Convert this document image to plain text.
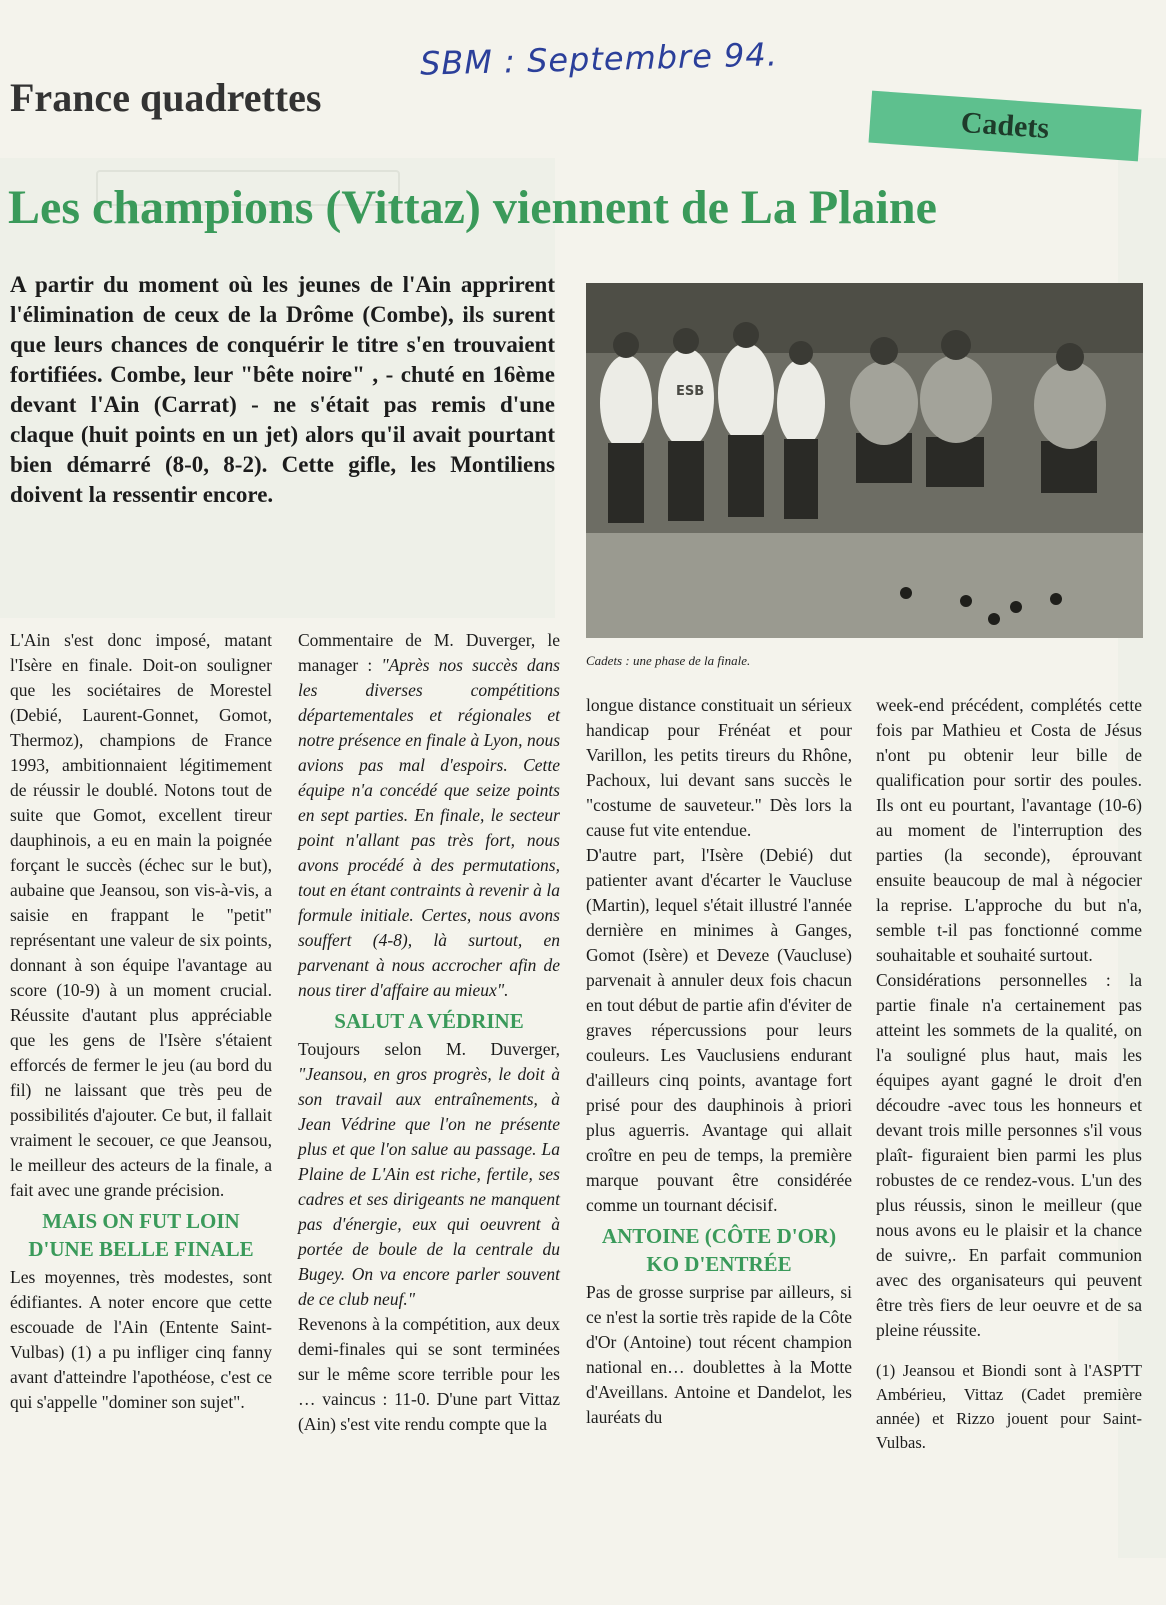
SBM : Septembre 94.
France quadrettes
Cadets
Les champions (Vittaz) viennent de La Plaine

A partir du moment où les jeunes de l'Ain apprirent l'élimination de ceux de la Drôme (Combe), ils surent que leurs chances de conquérir le titre s'en trouvaient fortifiées. Combe, leur "bête noire" , - chuté en 16ème devant l'Ain (Carrat) - ne s'était pas remis d'une claque (huit points en un jet) alors qu'il avait pourtant bien démarré (8-0, 8-2). Cette gifle, les Montiliens doivent la ressentir encore.

ESB
Cadets : une phase de la finale.

L'Ain s'est donc imposé, matant l'Isère en finale. Doit-on souligner que les sociétaires de Morestel (Debié, Laurent-Gonnet, Gomot, Thermoz), champions de France 1993, ambitionnaient légitimement de réussir le doublé. Notons tout de suite que Gomot, excellent tireur dauphinois, a eu en main la poignée forçant le succès (échec sur le but), aubaine que Jeansou, son vis-à-vis, a saisie en frappant le "petit" représentant une valeur de six points, donnant à son équipe l'avantage au score (10-9) à un moment crucial. Réussite d'autant plus appréciable que les gens de l'Isère s'étaient efforcés de fermer le jeu (au bord du fil) ne laissant que très peu de possibilités d'ajouter. Ce but, il fallait vraiment le secouer, ce que Jeansou, le meilleur des acteurs de la finale, a fait avec une grande précision.

MAIS ON FUT LOIN D'UNE BELLE FINALE

Les moyennes, très modestes, sont édifiantes. A noter encore que cette escouade de l'Ain (Entente Saint-Vulbas) (1) a pu infliger cinq fanny avant d'atteindre l'apothéose, c'est ce qui s'appelle "dominer son sujet".

Commentaire de M. Duverger, le manager : "Après nos succès dans les diverses compétitions départementales et régionales et notre présence en finale à Lyon, nous avions pas mal d'espoirs. Cette équipe n'a concédé que seize points en sept parties. En finale, le secteur point n'allant pas très fort, nous avons procédé à des permutations, tout en étant contraints à revenir à la formule initiale. Certes, nous avons souffert (4-8), là surtout, en parvenant à nous accrocher afin de nous tirer d'affaire au mieux".

SALUT A VÉDRINE

Toujours selon M. Duverger, "Jeansou, en gros progrès, le doit à son travail aux entraînements, à Jean Védrine que l'on ne présente plus et que l'on salue au passage. La Plaine de L'Ain est riche, fertile, ses cadres et ses dirigeants ne manquent pas d'énergie, eux qui oeuvrent à portée de boule de la centrale du Bugey. On va encore parler souvent de ce club neuf."

Revenons à la compétition, aux deux demi-finales qui se sont terminées sur le même score terrible pour les … vaincus : 11-0. D'une part Vittaz (Ain) s'est vite rendu compte que la

longue distance constituait un sérieux handicap pour Frénéat et pour Varillon, les petits tireurs du Rhône, Pachoux, lui devant sans succès le "costume de sauveteur." Dès lors la cause fut vite entendue.

D'autre part, l'Isère (Debié) dut patienter avant d'écarter le Vaucluse (Martin), lequel s'était illustré l'année dernière en minimes à Ganges, Gomot (Isère) et Deveze (Vaucluse) parvenait à annuler deux fois chacun en tout début de partie afin d'éviter de graves répercussions pour leurs couleurs. Les Vauclusiens endurant d'ailleurs cinq points, avantage fort prisé pour des dauphinois à priori plus aguerris. Avantage qui allait croître en peu de temps, la première marque pouvant être considérée comme un tournant décisif.

ANTOINE (CÔTE D'OR) KO D'ENTRÉE

Pas de grosse surprise par ailleurs, si ce n'est la sortie très rapide de la Côte d'Or (Antoine) tout récent champion national en… doublettes à la Motte d'Aveillans. Antoine et Dandelot, les lauréats du

week-end précédent, complétés cette fois par Mathieu et Costa de Jésus n'ont pu obtenir leur bille de qualification pour sortir des poules. Ils ont eu pourtant, l'avantage (10-6) au moment de l'interruption des parties (la seconde), éprouvant ensuite beaucoup de mal à négocier la reprise. L'approche du but n'a, semble t-il pas fonctionné comme souhaitable et souhaité surtout.

Considérations personnelles : la partie finale n'a certainement pas atteint les sommets de la qualité, on l'a souligné plus haut, mais les équipes ayant gagné le droit d'en découdre -avec tous les honneurs et devant trois mille personnes s'il vous plaît- figuraient bien parmi les plus robustes de ce rendez-vous. L'un des plus réussis, sinon le meilleur (que nous avons eu le plaisir et la chance de suivre,. En parfait communion avec des organisateurs qui peuvent être très fiers de leur oeuvre et de sa pleine réussite.

(1) Jeansou et Biondi sont à l'ASPTT Ambérieu, Vittaz (Cadet première année) et Rizzo jouent pour Saint-Vulbas.
